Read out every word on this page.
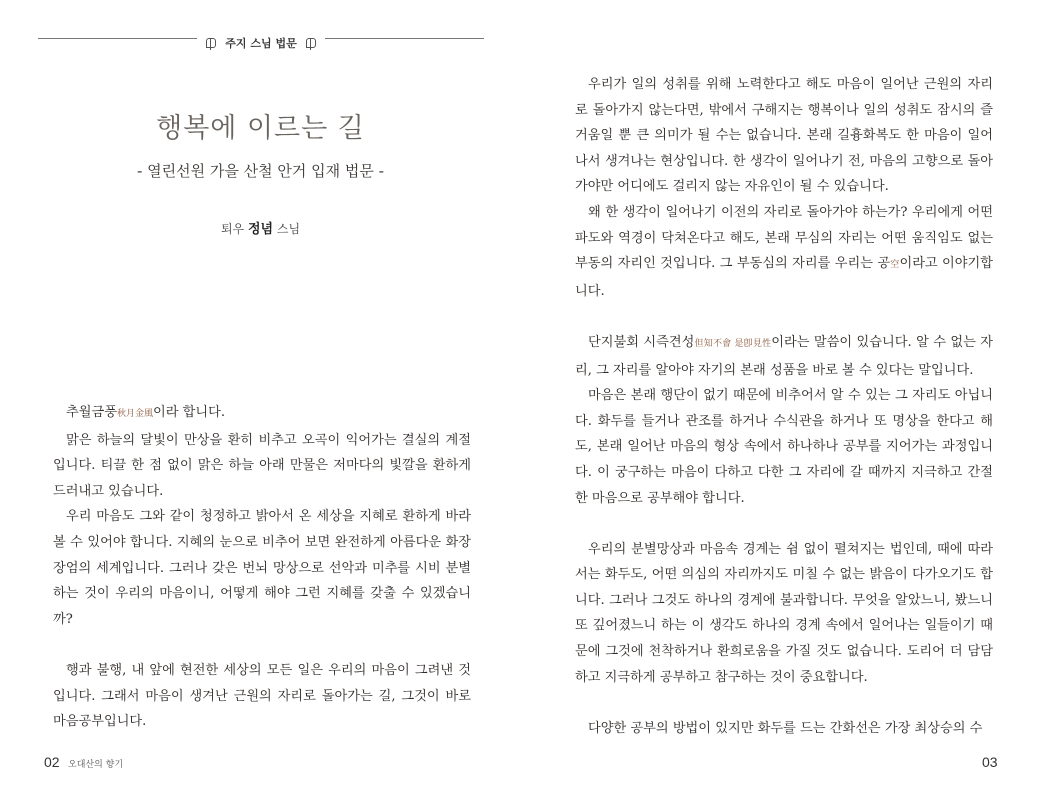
주지 스님 법문
행복에 이르는 길
- 열린선원 가을 산철 안거 입재 법문 -
퇴우 정념 스님

추월금풍秋月金風이라 합니다.

맑은 하늘의 달빛이 만상을 환히 비추고 오곡이 익어가는 결실의 계절입니다. 티끌 한 점 없이 맑은 하늘 아래 만물은 저마다의 빛깔을 환하게 드러내고 있습니다.

우리 마음도 그와 같이 청정하고 밝아서 온 세상을 지혜로 환하게 바라볼 수 있어야 합니다. 지혜의 눈으로 비추어 보면 완전하게 아름다운 화장장엄의 세계입니다. 그러나 갖은 번뇌 망상으로 선악과 미추를 시비 분별하는 것이 우리의 마음이니, 어떻게 해야 그런 지혜를 갖출 수 있겠습니까?

행과 불행, 내 앞에 현전한 세상의 모든 일은 우리의 마음이 그려낸 것입니다. 그래서 마음이 생겨난 근원의 자리로 돌아가는 길, 그것이 바로 마음공부입니다.

02 오대산의 향기

우리가 일의 성취를 위해 노력한다고 해도 마음이 일어난 근원의 자리로 돌아가지 않는다면, 밖에서 구해지는 행복이나 일의 성취도 잠시의 즐거움일 뿐 큰 의미가 될 수는 없습니다. 본래 길흉화복도 한 마음이 일어나서 생겨나는 현상입니다. 한 생각이 일어나기 전, 마음의 고향으로 돌아가야만 어디에도 걸리지 않는 자유인이 될 수 있습니다.

왜 한 생각이 일어나기 이전의 자리로 돌아가야 하는가? 우리에게 어떤 파도와 역경이 닥쳐온다고 해도, 본래 무심의 자리는 어떤 움직임도 없는 부동의 자리인 것입니다. 그 부동심의 자리를 우리는 공空이라고 이야기합니다.

단지불회 시즉견성但知不會 是卽見性이라는 말씀이 있습니다. 알 수 없는 자리, 그 자리를 알아야 자기의 본래 성품을 바로 볼 수 있다는 말입니다.

마음은 본래 행단이 없기 때문에 비추어서 알 수 있는 그 자리도 아닙니다. 화두를 들거나 관조를 하거나 수식관을 하거나 또 명상을 한다고 해도, 본래 일어난 마음의 형상 속에서 하나하나 공부를 지어가는 과정입니다. 이 궁구하는 마음이 다하고 다한 그 자리에 갈 때까지 지극하고 간절한 마음으로 공부해야 합니다.

우리의 분별망상과 마음속 경계는 쉼 없이 펼쳐지는 법인데, 때에 따라서는 화두도, 어떤 의심의 자리까지도 미칠 수 없는 밝음이 다가오기도 합니다. 그러나 그것도 하나의 경계에 불과합니다. 무엇을 알았느니, 봤느니 또 깊어졌느니 하는 이 생각도 하나의 경계 속에서 일어나는 일들이기 때문에 그것에 천착하거나 환희로움을 가질 것도 없습니다. 도리어 더 담담하고 지극하게 공부하고 참구하는 것이 중요합니다.

다양한 공부의 방법이 있지만 화두를 드는 간화선은 가장 최상승의 수

03
